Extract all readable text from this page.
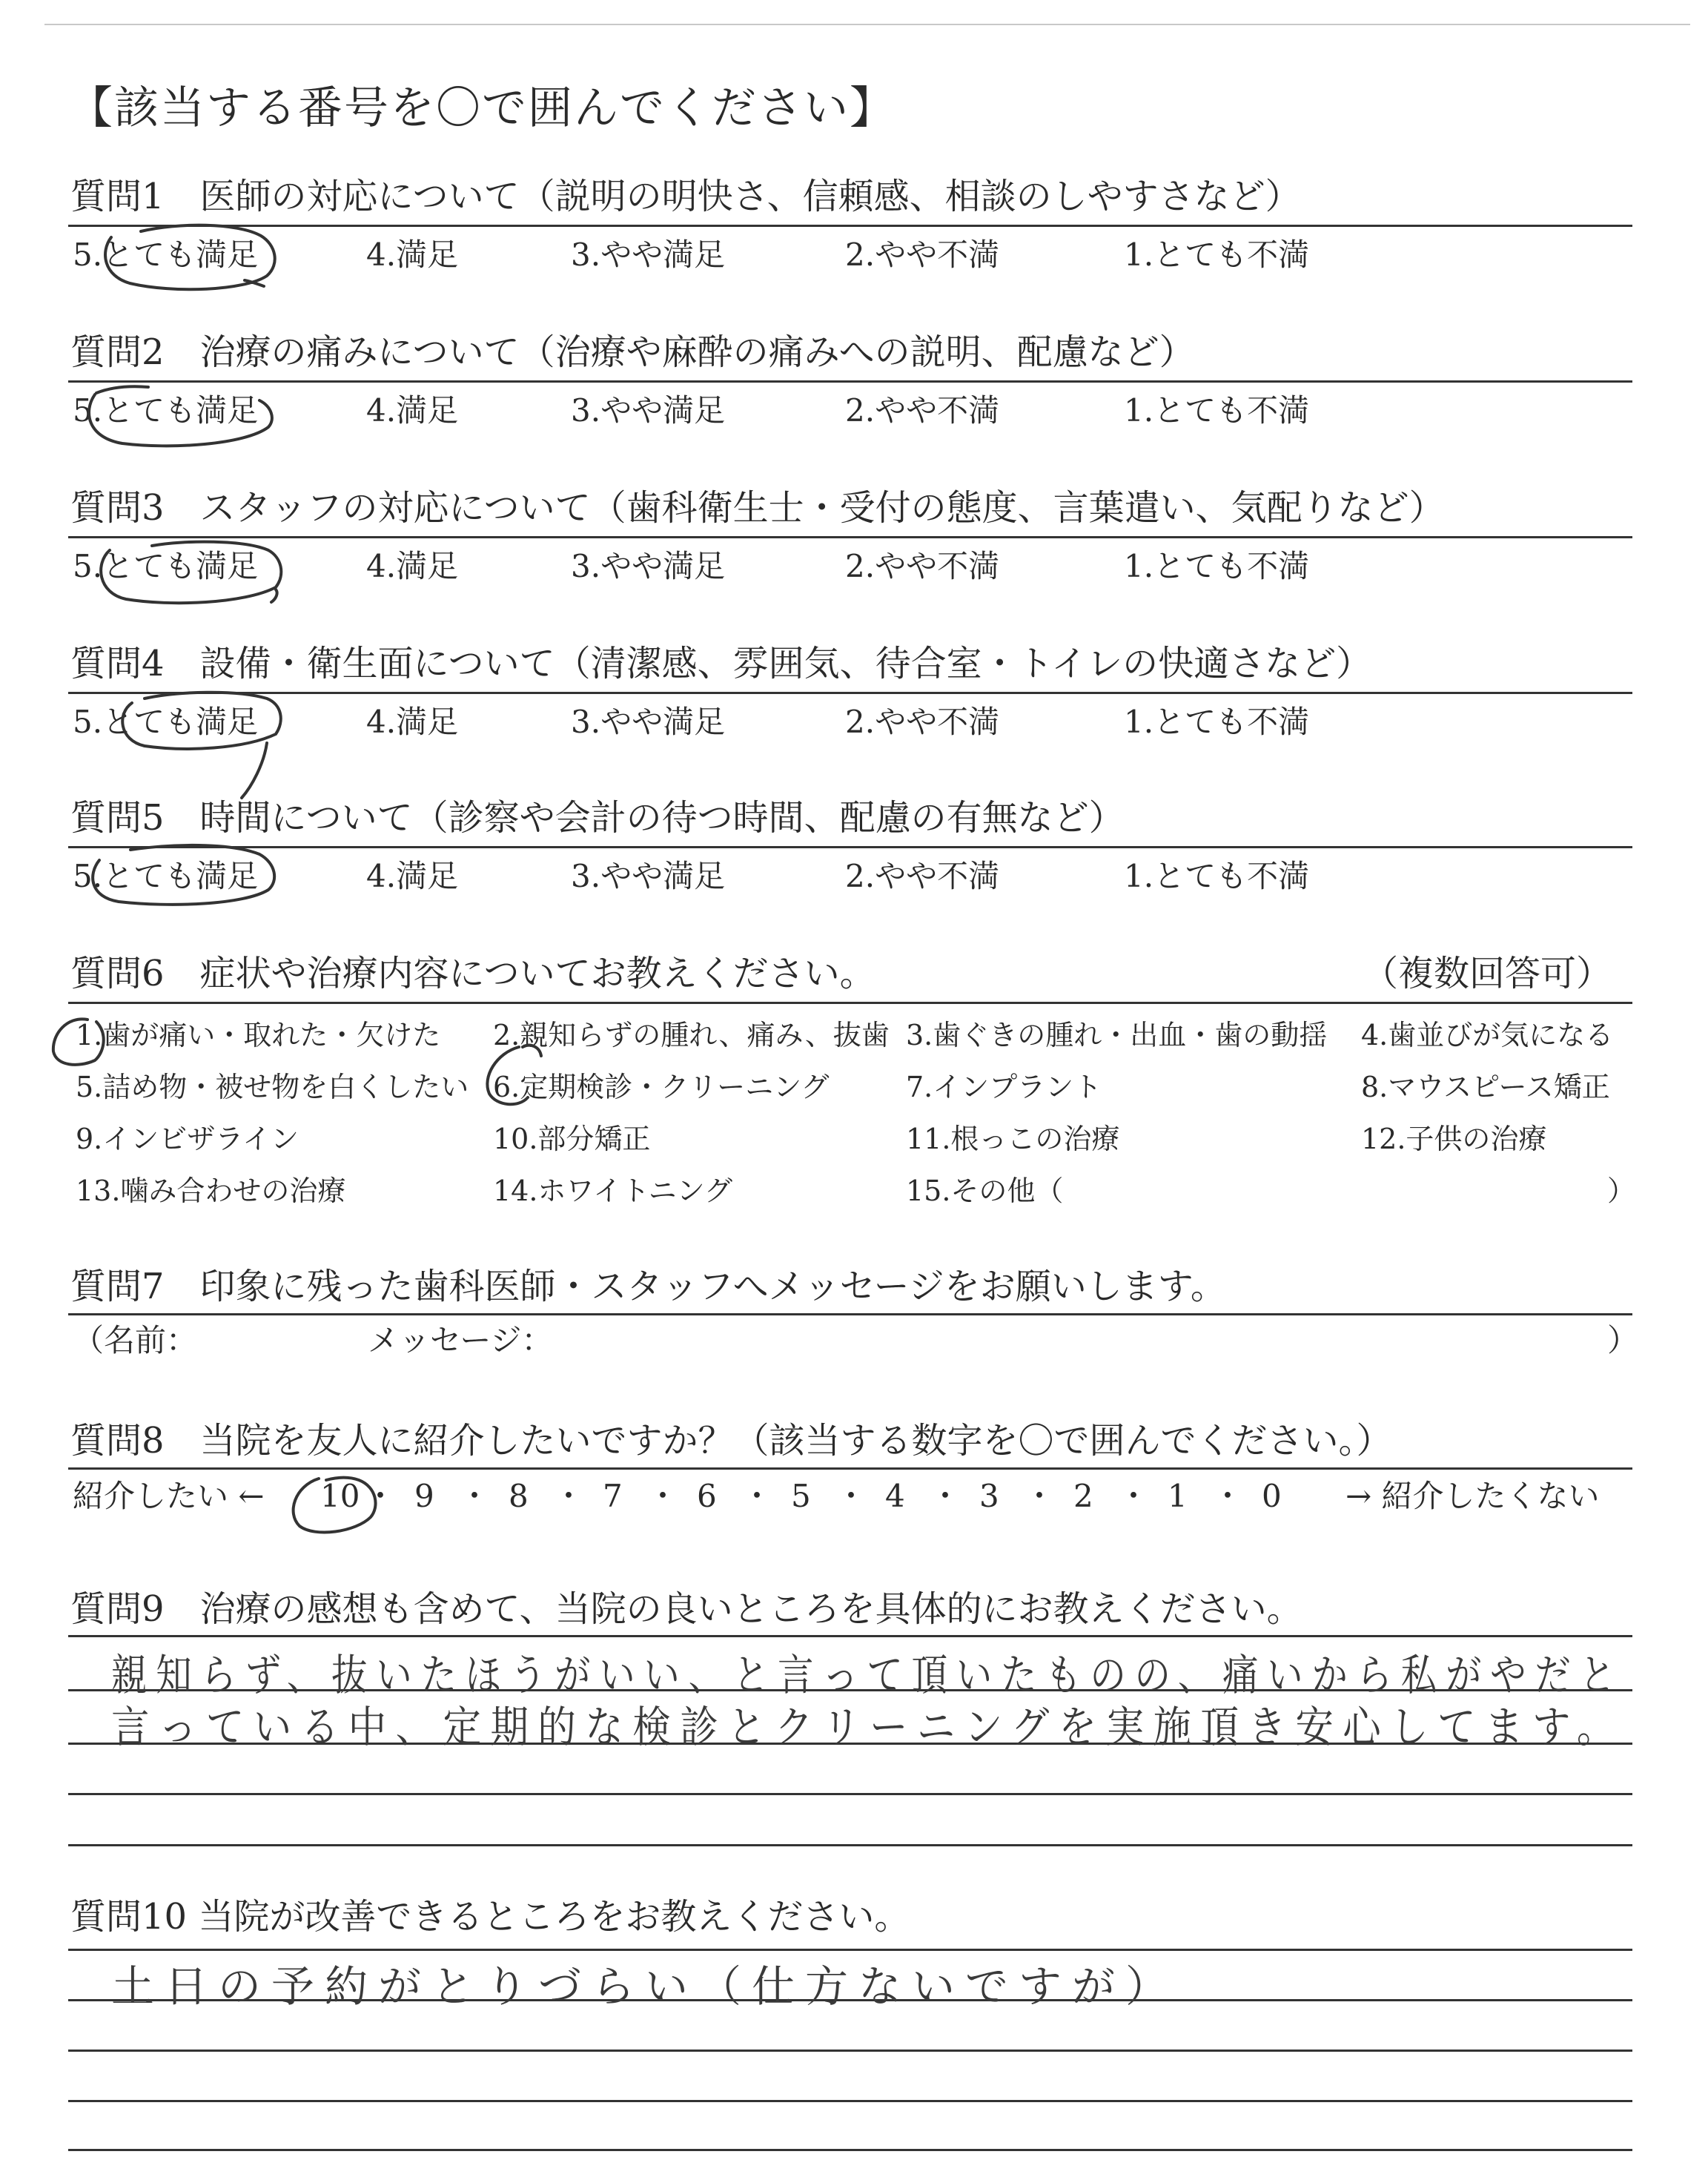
【該当する番号を〇で囲んでください】
質問1　医師の対応について（説明の明快さ、信頼感、相談のしやすさなど）
5.とても満足	4.満足	3.やや満足	2.やや不満	1.とても不満
質問2　治療の痛みについて（治療や麻酔の痛みへの説明、配慮など）
5.とても満足	4.満足	3.やや満足	2.やや不満	1.とても不満
質問3　スタッフの対応について（歯科衛生士・受付の態度、言葉遣い、気配りなど）
5.とても満足	4.満足	3.やや満足	2.やや不満	1.とても不満
質問4　設備・衛生面について（清潔感、雰囲気、待合室・トイレの快適さなど）
5.とても満足	4.満足	3.やや満足	2.やや不満	1.とても不満
質問5　時間について（診察や会計の待つ時間、配慮の有無など）
5.とても満足	4.満足	3.やや満足	2.やや不満	1.とても不満
質問6　症状や治療内容についてお教えください。	（複数回答可）
1.歯が痛い・取れた・欠けた 2.親知らずの腫れ、痛み、抜歯 3.歯ぐきの腫れ・出血・歯の動揺 4.歯並びが気になる
5.詰め物・被せ物を白くしたい 6.定期検診・クリーニング	7.インプラント	8.マウスピース矯正
9.インビザライン	10.部分矯正	11.根っこの治療	12.子供の治療
13.噛み合わせの治療	14.ホワイトニング	15.その他（	）
質問7　印象に残った歯科医師・スタッフへメッセージをお願いします。
（名前：	メッセージ：	）
質問8　当院を友人に紹介したいですか？（該当する数字を〇で囲んでください。）
紹介したい ← 10 ・ 9 ・ 8 ・ 7 ・ 6 ・ 5 ・ 4 ・ 3 ・ 2 ・ 1 ・ 0 → 紹介したくない
質問9　治療の感想も含めて、当院の良いところを具体的にお教えください。
親知らず、抜いたほうがいい、と言って頂いたものの、痛いから私がやだと
言っている中、定期的な検診とクリーニングを実施頂き安心してます。
質問10 当院が改善できるところをお教えください。
土日の予約がとりづらい（仕方ないですが）
